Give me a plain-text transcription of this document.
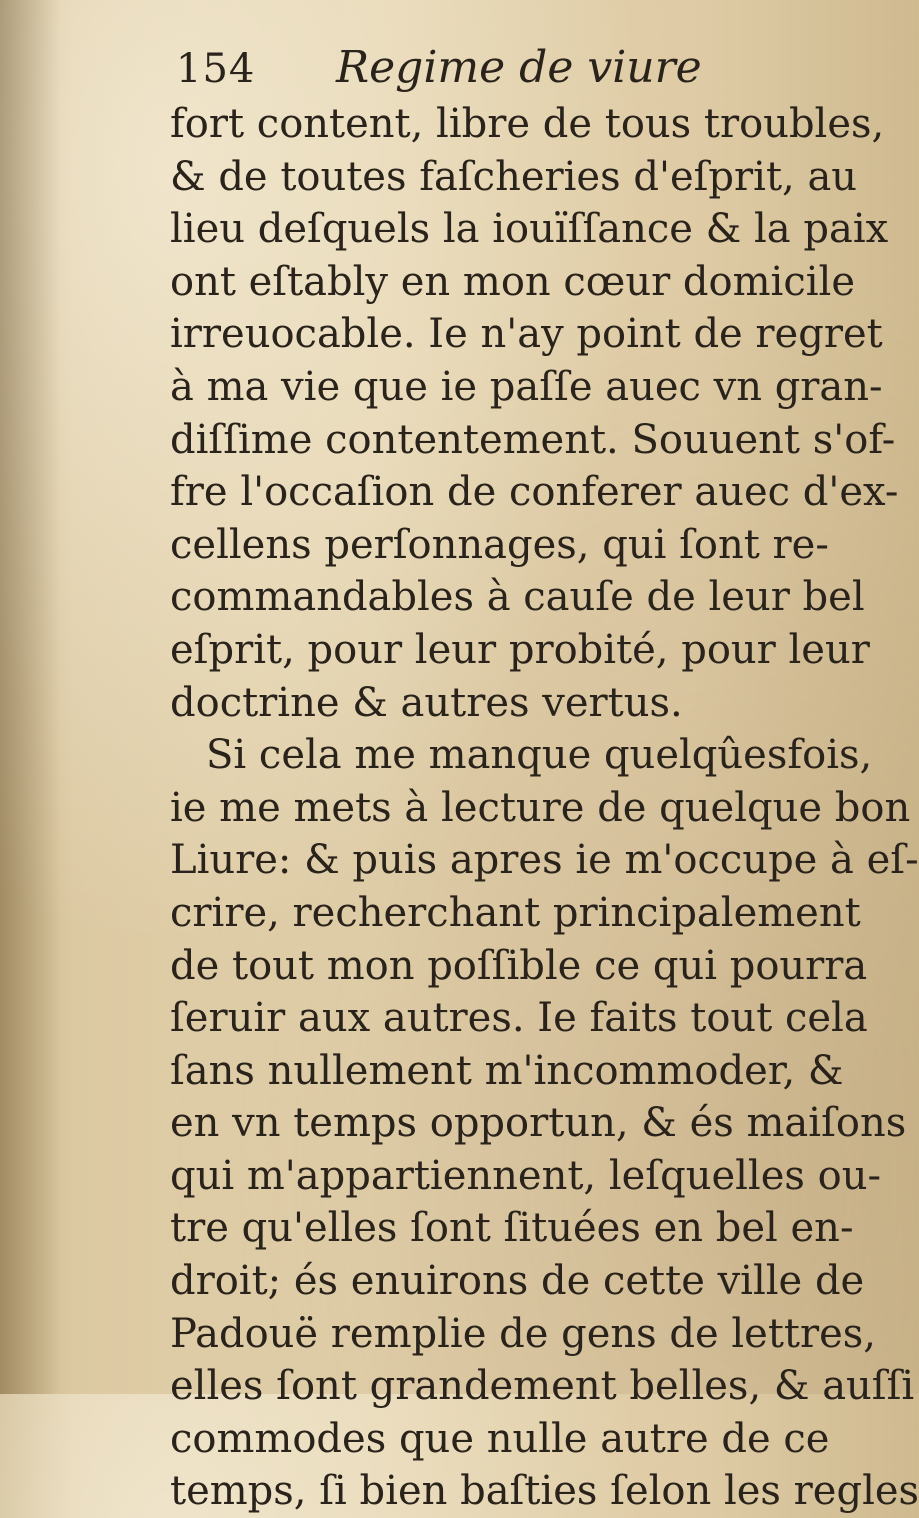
154 Regime de viure
fort content, libre de tous troubles,
& de toutes faſcheries d'eſprit, au
lieu deſquels la iouïſſance & la paix
ont eſtably en mon cœur domicile
irreuocable. Ie n'ay point de regret
à ma vie que ie paſſe auec vn gran-
diſſime contentement. Souuent s'of-
fre l'occaſion de conferer auec d'ex-
cellens perſonnages, qui ſont re-
commandables à cauſe de leur bel
eſprit, pour leur probité, pour leur
doctrine & autres vertus.
Si cela me manque quelqûesfois,
ie me mets à lecture de quelque bon
Liure: & puis apres ie m'occupe à eſ-
crire, recherchant principalement
de tout mon poſſible ce qui pourra
ſeruir aux autres. Ie faits tout cela
ſans nullement m'incommoder, &
en vn temps opportun, & és maiſons
qui m'appartiennent, leſquelles ou-
tre qu'elles ſont ſituées en bel en-
droit; és enuirons de cette ville de
Padouë remplie de gens de lettres,
elles ſont grandement belles, & auſſi
commodes que nulle autre de ce
temps, ſi bien baſties ſelon les regles
